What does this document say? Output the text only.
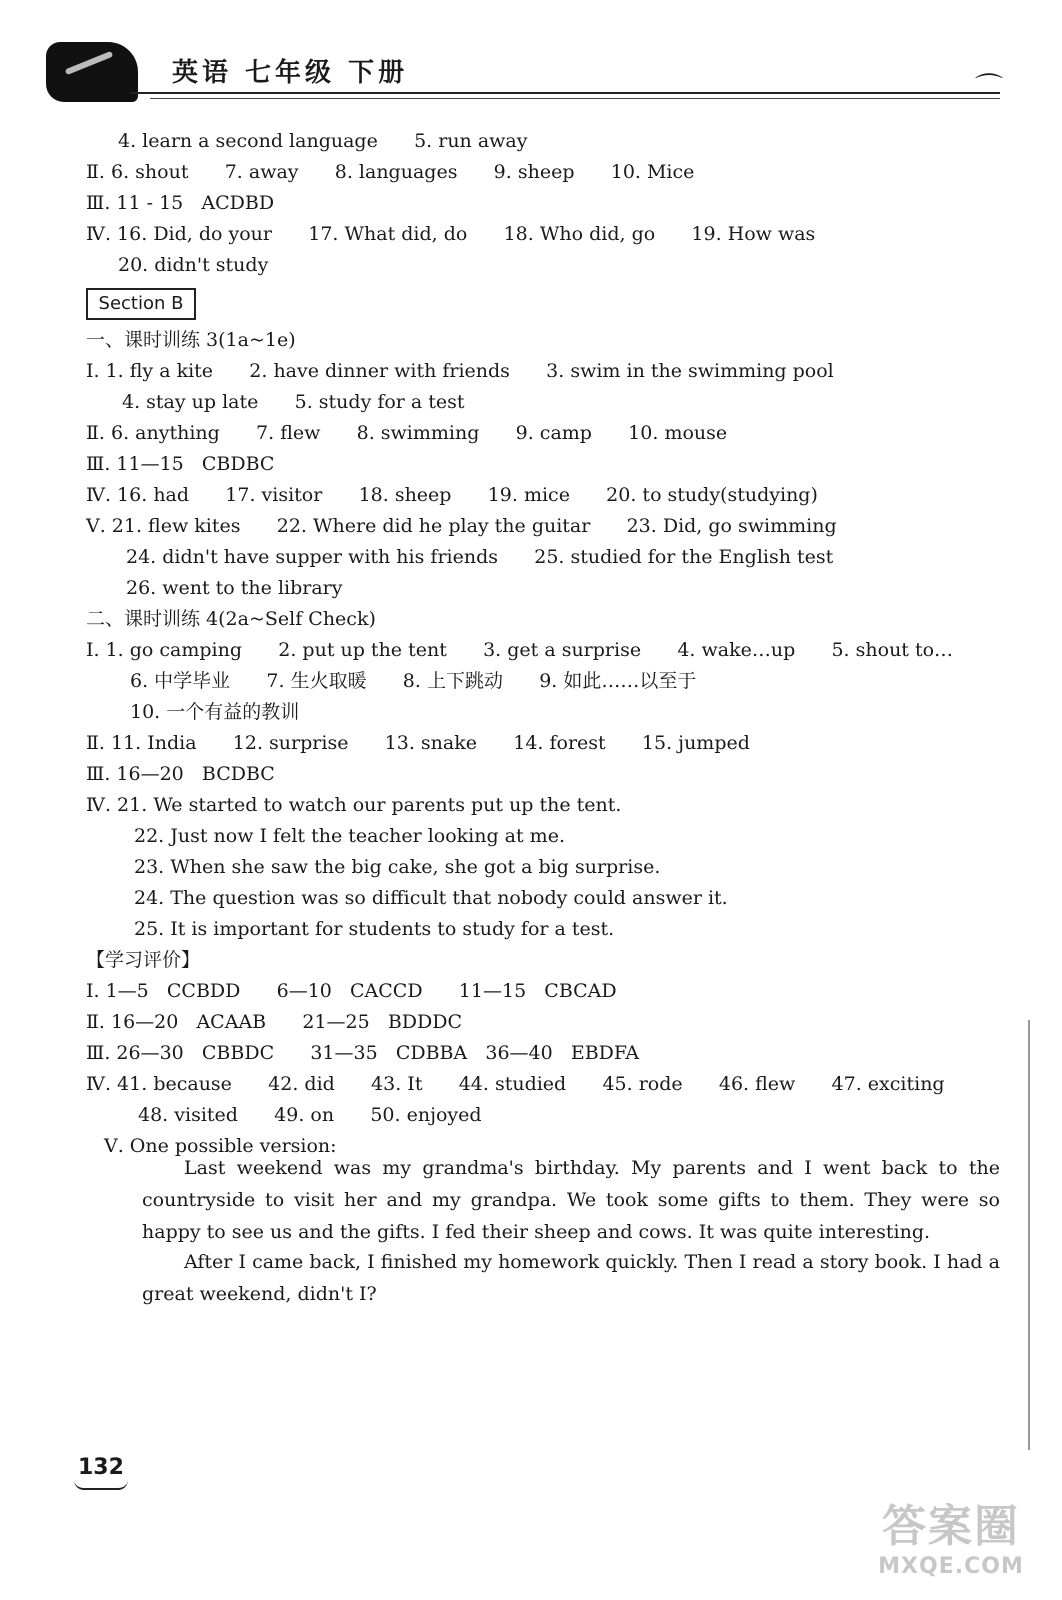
英语 七年级 下册	⌒
4. learn a second language      5. run away
Ⅱ. 6. shout      7. away      8. languages      9. sheep      10. Mice
Ⅲ. 11 - 15   ACDBD
Ⅳ. 16. Did, do your      17. What did, do      18. Who did, go      19. How was
20. didn't study
一、课时训练 3(1a~1e)
Ⅰ. 1. fly a kite      2. have dinner with friends      3. swim in the swimming pool
4. stay up late      5. study for a test
Ⅱ. 6. anything      7. flew      8. swimming      9. camp      10. mouse
Ⅲ. 11—15   CBDBC
Ⅳ. 16. had      17. visitor      18. sheep      19. mice      20. to study(studying)
Ⅴ. 21. flew kites      22. Where did he play the guitar      23. Did, go swimming
24. didn't have supper with his friends      25. studied for the English test
26. went to the library
二、课时训练 4(2a~Self Check)
Ⅰ. 1. go camping      2. put up the tent      3. get a surprise      4. wake…up      5. shout to…
6. 中学毕业      7. 生火取暖      8. 上下跳动      9. 如此……以至于
10. 一个有益的教训
Ⅱ. 11. India      12. surprise      13. snake      14. forest      15. jumped
Ⅲ. 16—20   BCDBC
Ⅳ. 21. We started to watch our parents put up the tent.
22. Just now I felt the teacher looking at me.
23. When she saw the big cake, she got a big surprise.
24. The question was so difficult that nobody could answer it.
25. It is important for students to study for a test.
【学习评价】
Ⅰ. 1—5   CCBDD      6—10   CACCD      11—15   CBCAD
Ⅱ. 16—20   ACAAB      21—25   BDDDC
Ⅲ. 26—30   CBBDC      31—35   CDBBA   36—40   EBDFA
Ⅳ. 41. because      42. did      43. It      44. studied      45. rode      46. flew      47. exciting
48. visited      49. on      50. enjoyed
Ⅴ. One possible version:
Section B
Last weekend was my grandma's birthday. My parents and I went back to the countryside to visit her and my grandpa. We took some gifts to them. They were so happy to see us and the gifts. I fed their sheep and cows. It was quite interesting.
After I came back, I finished my homework quickly. Then I read a story book. I had a great weekend, didn't I?
132
答案圈
MXQE.COM
